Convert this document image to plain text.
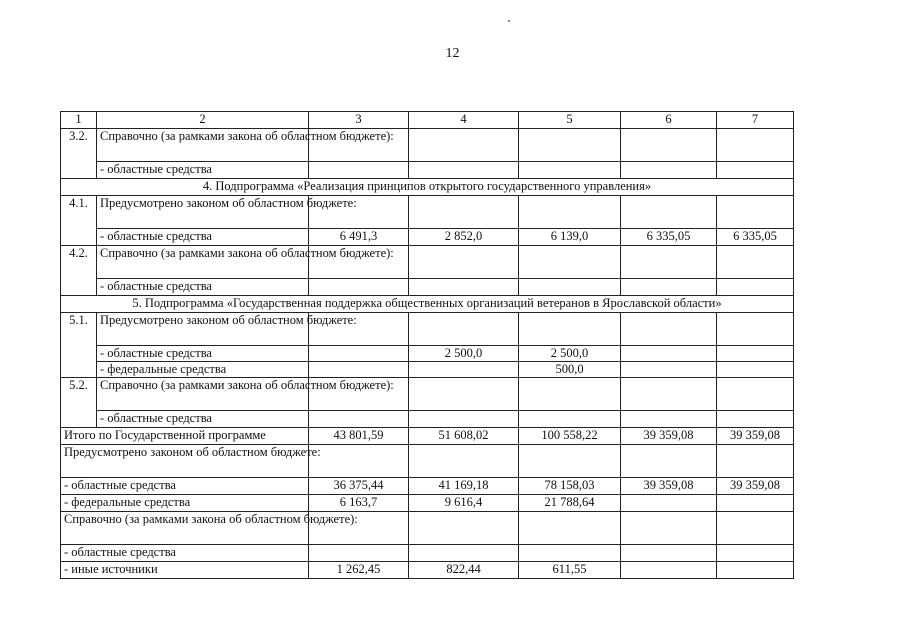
12
1	2	3	4	5	6	7
3.2.	Справочно (за рамками закона об областном бюджете):					
	- областные средства					
4. Подпрограмма «Реализация принципов открытого государственного управления»						
4.1.	Предусмотрено законом об областном бюджете:					
	- областные средства	6 491,3	2 852,0	6 139,0	6 335,05	6 335,05
4.2.	Справочно (за рамками закона об областном бюджете):					
	- областные средства					
5. Подпрограмма «Государственная поддержка общественных организаций ветеранов в Ярославской области»						
5.1.	Предусмотрено законом об областном бюджете:					
	- областные средства		2 500,0	2 500,0		
	- федеральные средства			500,0		
5.2.	Справочно (за рамками закона об областном бюджете):					
	- областные средства					
Итого по Государственной программе		43 801,59	51 608,02	100 558,22	39 359,08	39 359,08
Предусмотрено законом об областном бюджете:						
- областные средства		36 375,44	41 169,18	78 158,03	39 359,08	39 359,08
- федеральные средства		6 163,7	9 616,4	21 788,64		
Справочно (за рамками закона об областном бюджете):						
- областные средства						
- иные источники		1 262,45	822,44	611,55		
